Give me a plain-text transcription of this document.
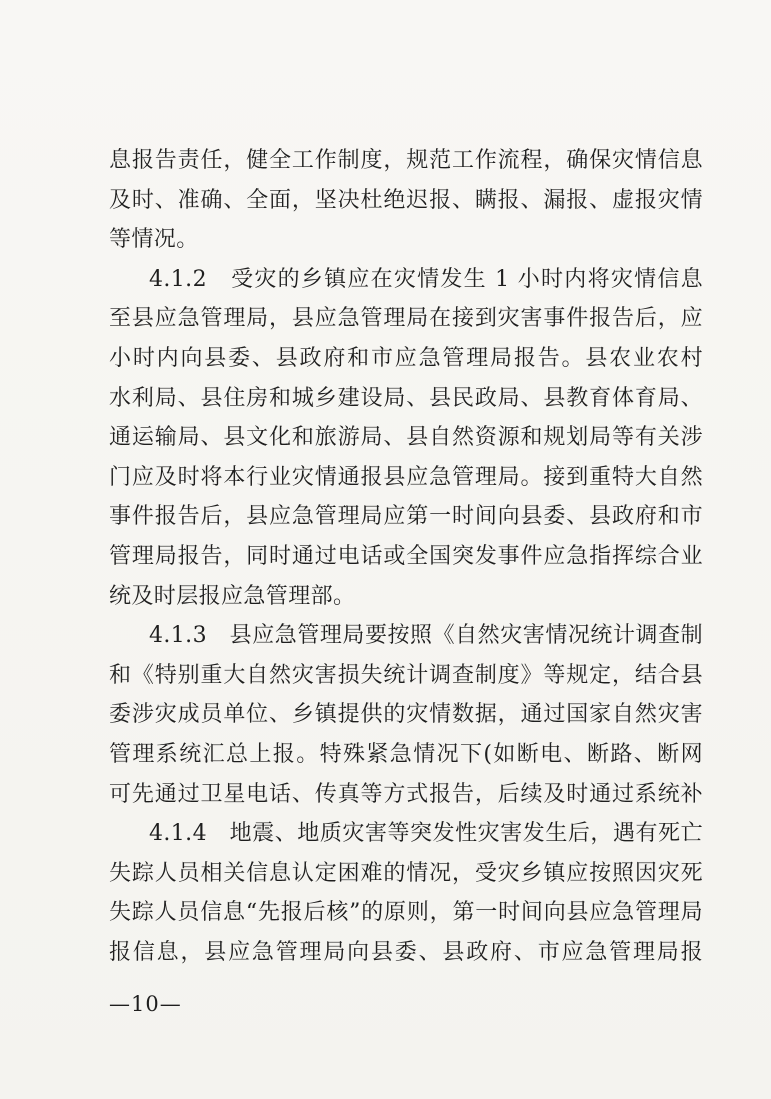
息报告责任，健全工作制度，规范工作流程，确保灾情信息
及时、准确、全面，坚决杜绝迟报、瞒报、漏报、虚报灾情
等情况。
4.1.2　受灾的乡镇应在灾情发生 1 小时内将灾情信息
至县应急管理局，县应急管理局在接到灾害事件报告后，应
小时内向县委、县政府和市应急管理局报告。县农业农村
水利局、县住房和城乡建设局、县民政局、县教育体育局、
通运输局、县文化和旅游局、县自然资源和规划局等有关涉
门应及时将本行业灾情通报县应急管理局。接到重特大自然
事件报告后，县应急管理局应第一时间向县委、县政府和市
管理局报告，同时通过电话或全国突发事件应急指挥综合业
统及时层报应急管理部。
4.1.3　县应急管理局要按照《自然灾害情况统计调查制
和《特别重大自然灾害损失统计调查制度》等规定，结合县
委涉灾成员单位、乡镇提供的灾情数据，通过国家自然灾害
管理系统汇总上报。特殊紧急情况下(如断电、断路、断网
可先通过卫星电话、传真等方式报告，后续及时通过系统补
4.1.4　地震、地质灾害等突发性灾害发生后，遇有死亡
失踪人员相关信息认定困难的情况，受灾乡镇应按照因灾死
失踪人员信息“先报后核”的原则，第一时间向县应急管理局
报信息，县应急管理局向县委、县政府、市应急管理局报
—10—
